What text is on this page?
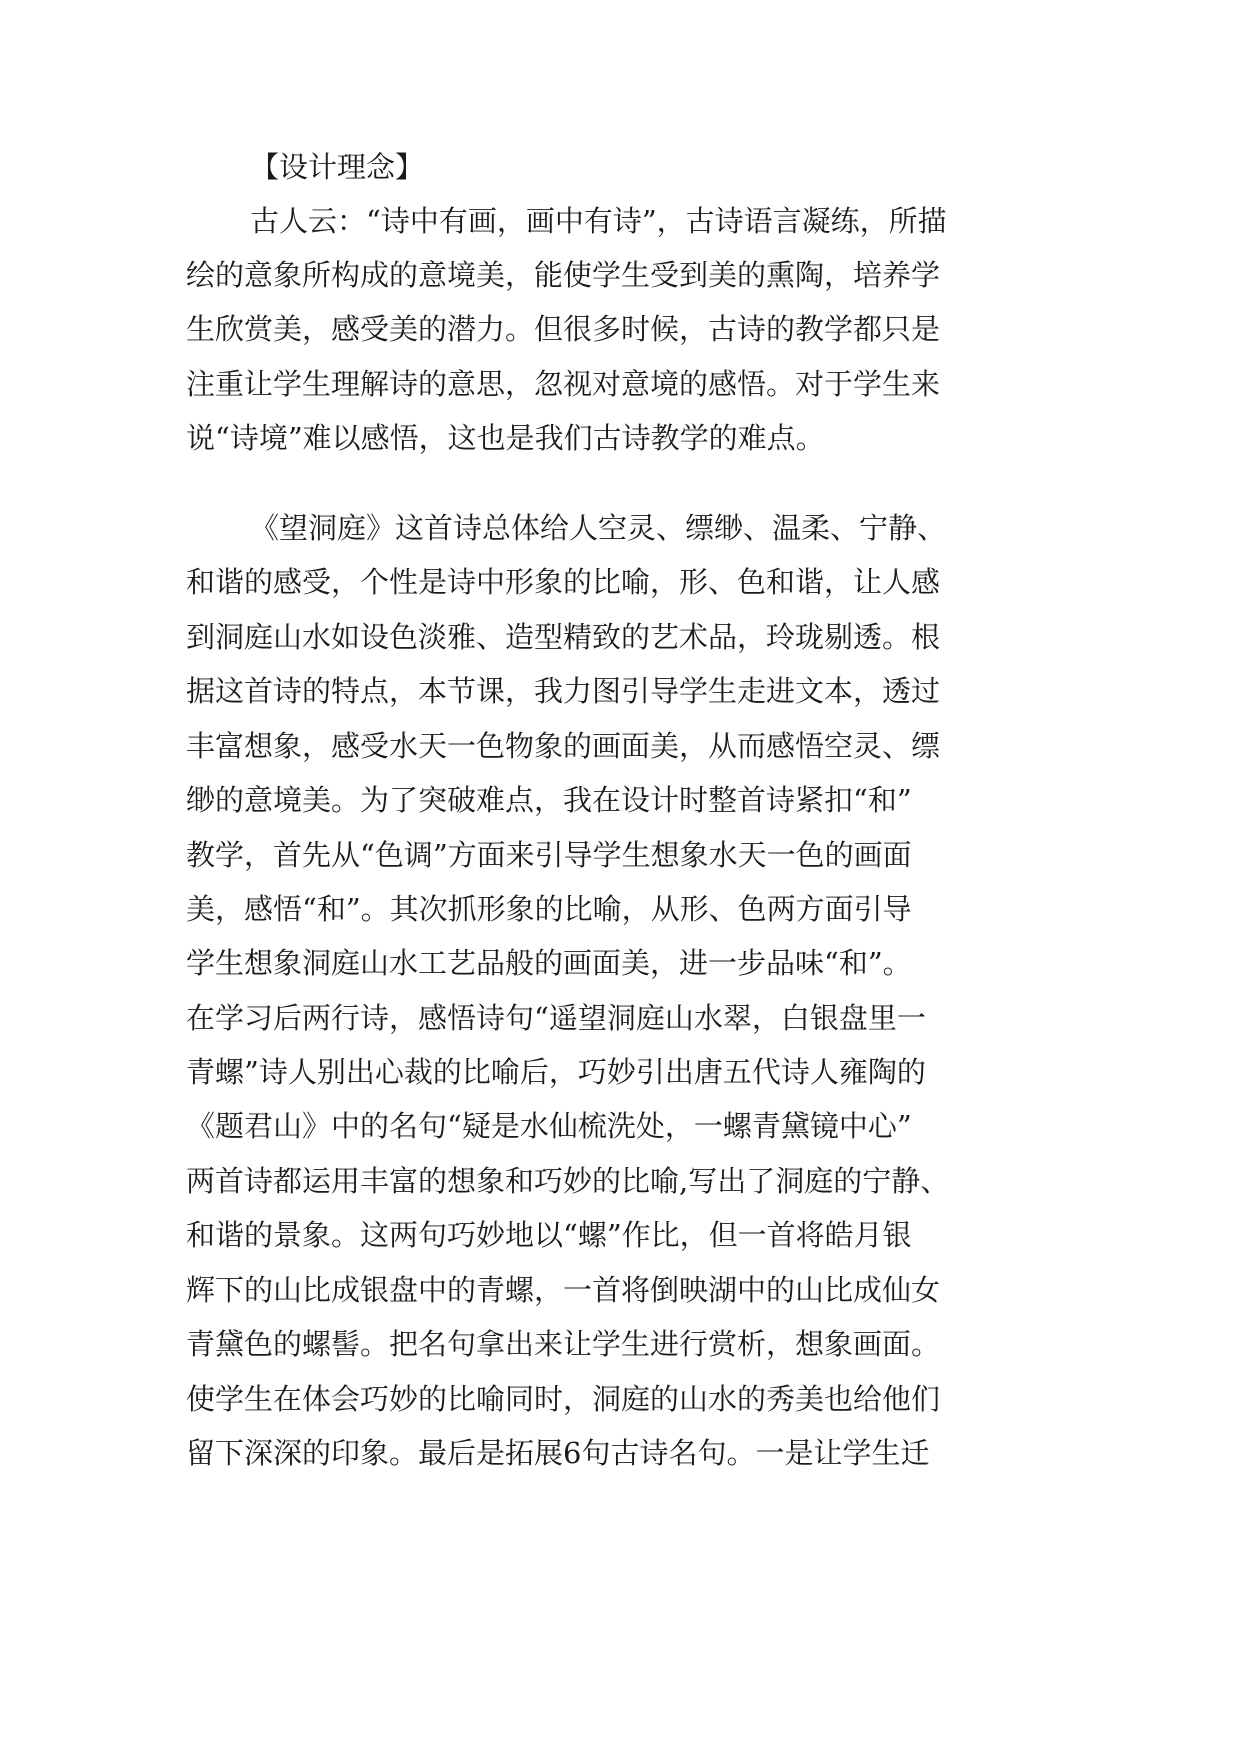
【设计理念】
古人云：“诗中有画，画中有诗”，古诗语言凝练，所描
绘的意象所构成的意境美，能使学生受到美的熏陶，培养学
生欣赏美，感受美的潜力。但很多时候，古诗的教学都只是
注重让学生理解诗的意思，忽视对意境的感悟。对于学生来
说“诗境”难以感悟，这也是我们古诗教学的难点。
《望洞庭》这首诗总体给人空灵、缥缈、温柔、宁静、
和谐的感受，个性是诗中形象的比喻，形、色和谐，让人感
到洞庭山水如设色淡雅、造型精致的艺术品，玲珑剔透。根
据这首诗的特点，本节课，我力图引导学生走进文本，透过
丰富想象，感受水天一色物象的画面美，从而感悟空灵、缥
缈的意境美。为了突破难点，我在设计时整首诗紧扣“和”
教学，首先从“色调”方面来引导学生想象水天一色的画面
美，感悟“和”。其次抓形象的比喻，从形、色两方面引导
学生想象洞庭山水工艺品般的画面美，进一步品味“和”。
在学习后两行诗，感悟诗句“遥望洞庭山水翠，白银盘里一
青螺”诗人别出心裁的比喻后，巧妙引出唐五代诗人雍陶的
《题君山》中的名句“疑是水仙梳洗处，一螺青黛镜中心”
两首诗都运用丰富的想象和巧妙的比喻,写出了洞庭的宁静、
和谐的景象。这两句巧妙地以“螺”作比，但一首将皓月银
辉下的山比成银盘中的青螺，一首将倒映湖中的山比成仙女
青黛色的螺髻。把名句拿出来让学生进行赏析，想象画面。
使学生在体会巧妙的比喻同时，洞庭的山水的秀美也给他们
留下深深的印象。最后是拓展6句古诗名句。一是让学生迁
